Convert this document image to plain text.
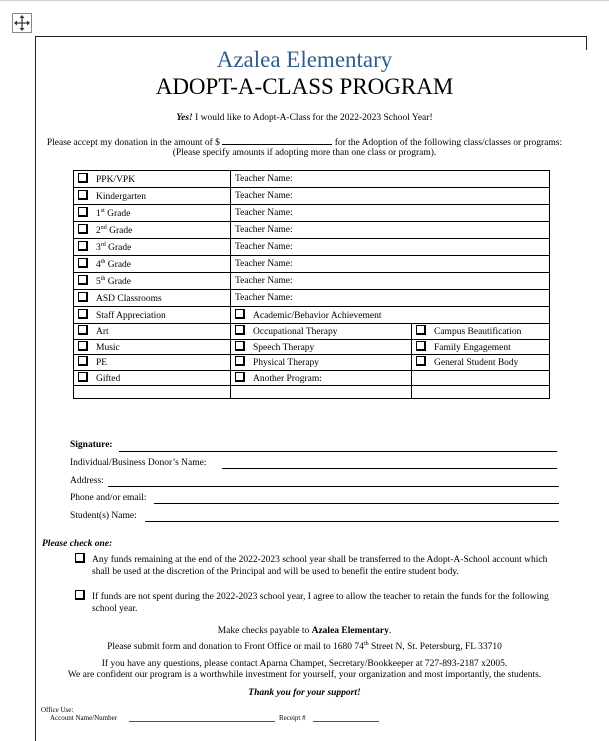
Azalea Elementary
ADOPT-A-CLASS PROGRAM
Yes! I would like to Adopt-A-Class for the 2022-2023 School Year!
Please accept my donation in the amount of $	for the Adoption of the following class/classes or programs:
(Please specify amounts if adopting more than one class or program).
PPK/VPK	Teacher Name:	
Kindergarten	Teacher Name:	
1st Grade	Teacher Name:	
2nd Grade	Teacher Name:	
3rd Grade	Teacher Name:	
4th Grade	Teacher Name:	
5th Grade	Teacher Name:	
ASD Classrooms	Teacher Name:	
Staff Appreciation	Academic/Behavior Achievement	
Art	Occupational Therapy	Campus Beautification
Music	Speech Therapy	Family Engagement
PE	Physical Therapy	General Student Body
Gifted	Another Program:	

Signature:
Individual/Business Donor’s Name:
Address:
Phone and/or email:
Student(s) Name:
Please check one:
Any funds remaining at the end of the 2022-2023 school year shall be transferred to the Adopt-A-School account which shall be used at the discretion of the Principal and will be used to benefit the entire student body.
If funds are not spent during the 2022-2023 school year, I agree to allow the teacher to retain the funds for the following school year.
Make checks payable to Azalea Elementary.
Please submit form and donation to Front Office or mail to 1680 74th Street N, St. Petersburg, FL 33710
If you have any questions, please contact Aparna Champet, Secretary/Bookkeeper at 727-893-2187 x2005.
We are confident our program is a worthwhile investment for yourself, your organization and most importantly, the students.
Thank you for your support!
Office Use:
Account Name/Number	Receipt #
